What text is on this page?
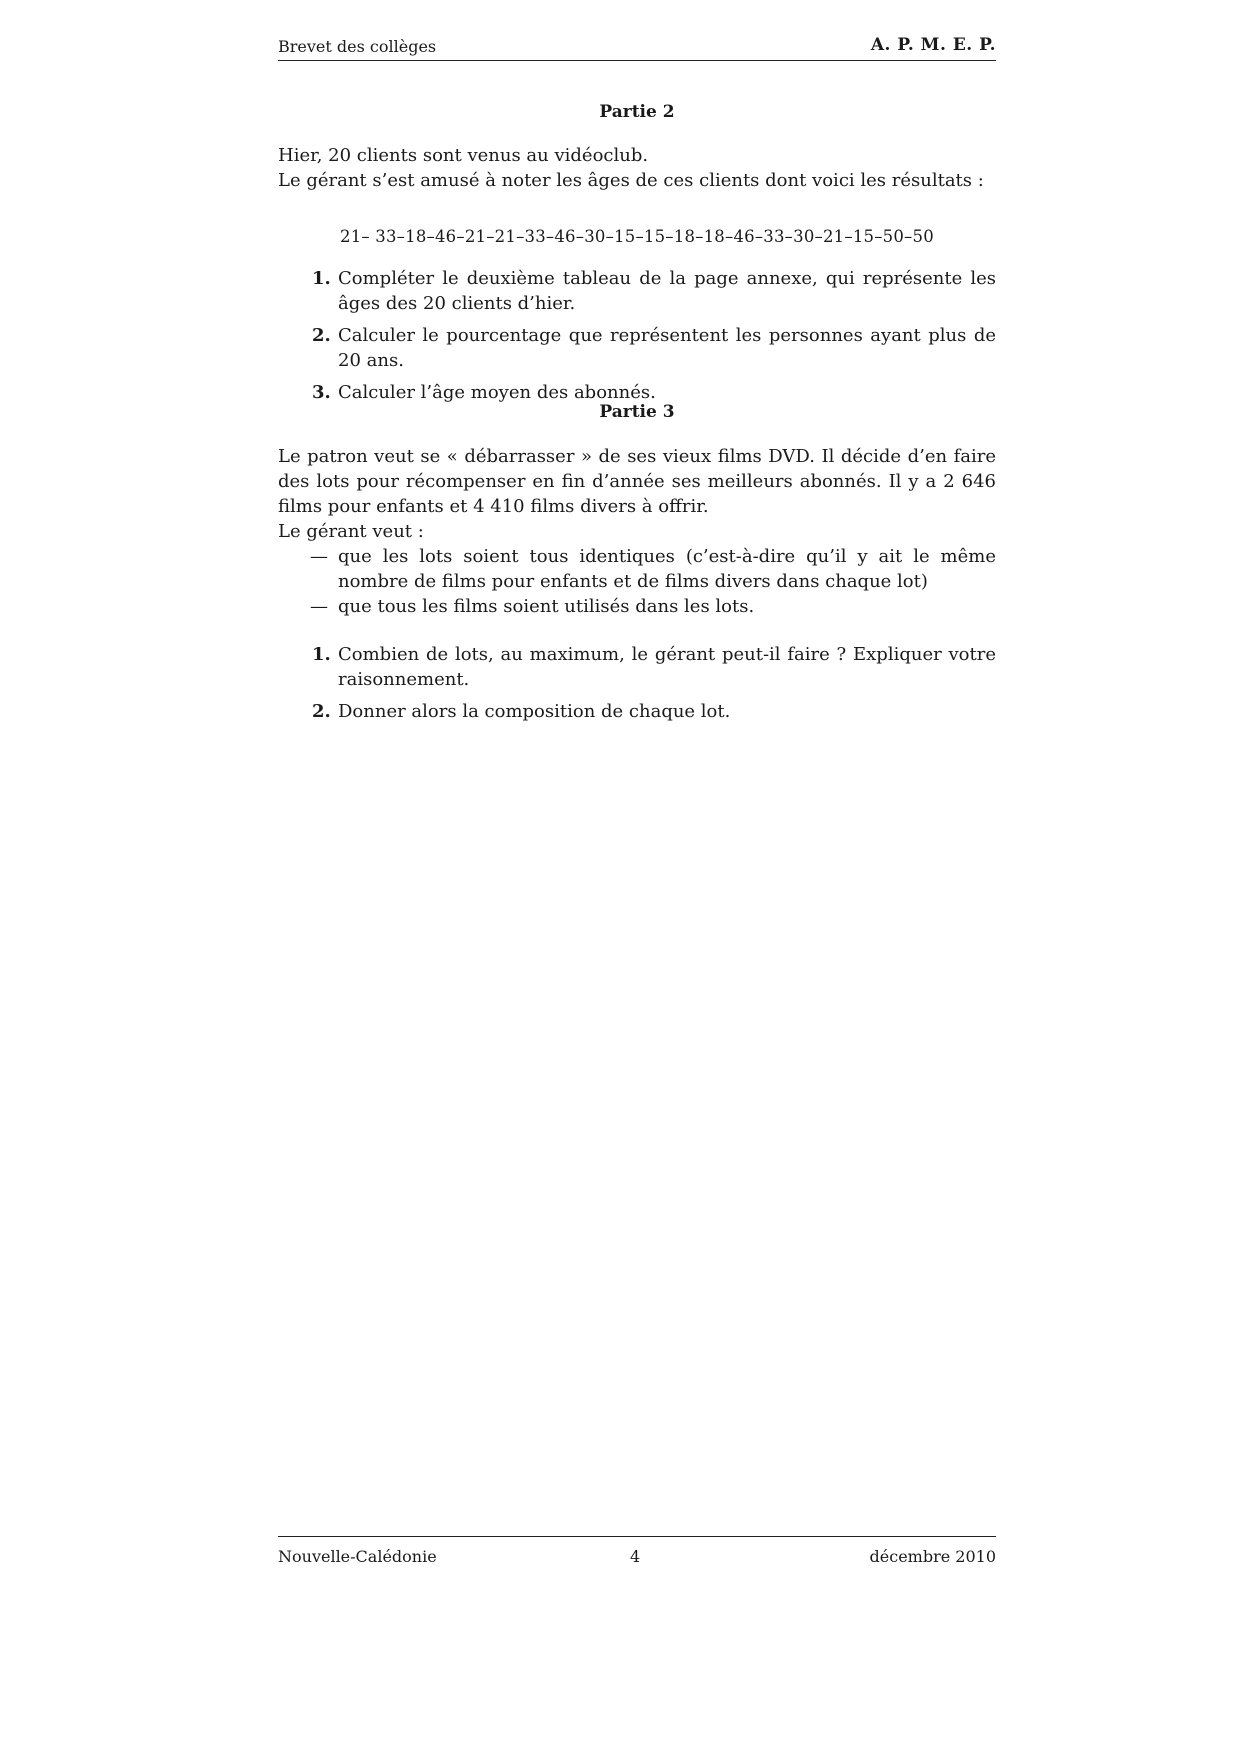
Brevet des collèges	A. P. M. E. P.
Partie 2

Hier, 20 clients sont venus au vidéoclub.

Le gérant s’est amusé à noter les âges de ces clients dont voici les résultats :

21– 33–18–46–21–21–33–46–30–15–15–18–18–46–33–30–21–15–50–50
1. Compléter le deuxième tableau de la page annexe, qui représente les âges des 20 clients d’hier.
2. Calculer le pourcentage que représentent les personnes ayant plus de 20 ans.
3. Calculer l’âge moyen des abonnés.
Partie 3
Le patron veut se « débarrasser » de ses vieux films DVD. Il décide d’en faire des lots pour récompenser en fin d’année ses meilleurs abonnés. Il y a 2 646 films pour enfants et 4 410 films divers à offrir.
Le gérant veut :
— que les lots soient tous identiques (c’est-à-dire qu’il y ait le même nombre de films pour enfants et de films divers dans chaque lot)
— que tous les films soient utilisés dans les lots.
1. Combien de lots, au maximum, le gérant peut-il faire ? Expliquer votre raisonnement.
2. Donner alors la composition de chaque lot.
Nouvelle-Calédonie	4	décembre 2010
